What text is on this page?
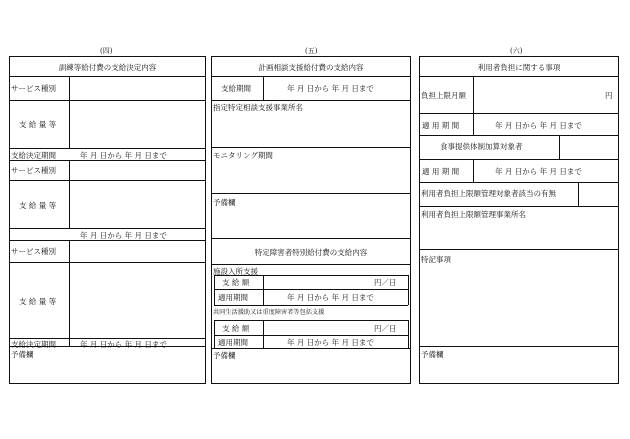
(四)	(五)	(六)
訓練等給付費の支給決定内容
サービス種別
支 給 量 等
支給決定期間	年 月 日から 年 月 日まで
サービス種別
支 給 量 等
年 月 日から 年 月 日まで
サービス種別
支 給 量 等
支給決定期間	年 月 日から 年 月 日まで
予備欄
計画相談支援給付費の支給内容
支給期間	年 月 日から 年 月 日まで
指定特定相談支援事業所名
モニタリング期間
予備欄
特定障害者特別給付費の支給内容
施設入所支援
支 給 額	円／日
適用期間	年 月 日から 年 月 日まで
共同生活援助又は重度障害者等包括支援
支 給 額	円／日
適用期間	年 月 日から 年 月 日まで
予備欄
利用者負担に関する事項
負担上限月額	円
適 用 期 間	年 月 日から 年 月 日まで
食事提供体制加算対象者
適 用 期 間	年 月 日から 年 月 日まで
利用者負担上限額管理対象者該当の有無
利用者負担上限額管理事業所名
特記事項
予備欄
